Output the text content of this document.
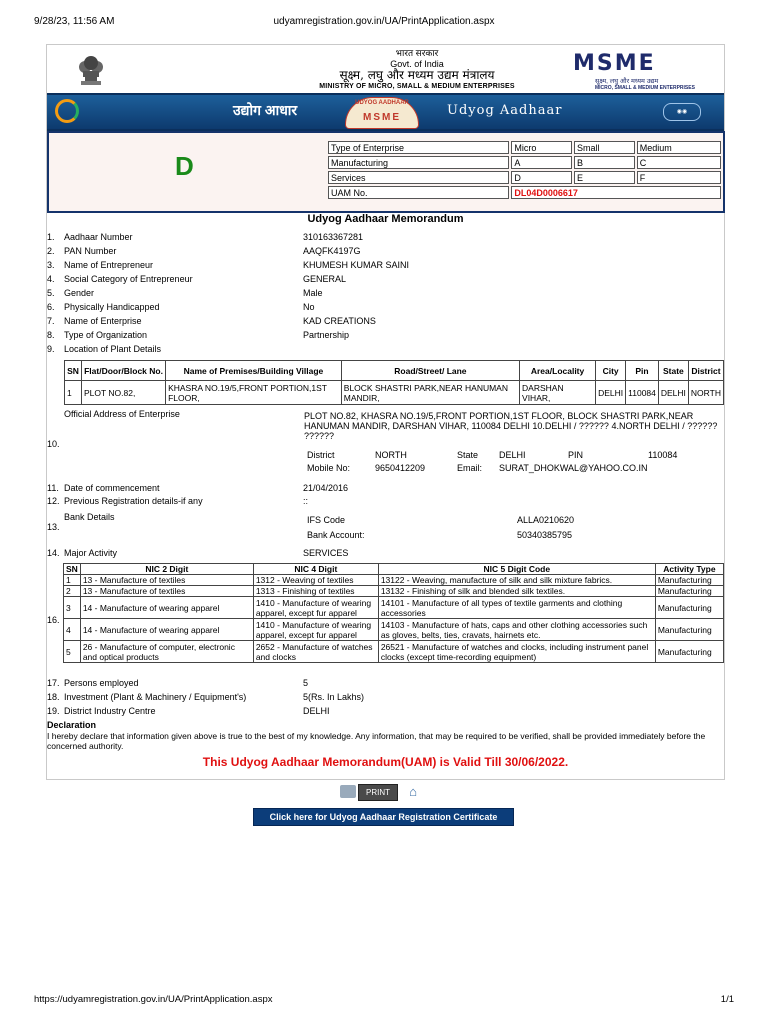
9/28/23, 11:56 AM	udyamregistration.gov.in/UA/PrintApplication.aspx
भारत सरकार
Govt. of India
सूक्ष्म, लघु और मध्यम उद्यम मंत्रालय
MINISTRY OF MICRO, SMALL & MEDIUM ENTERPRISES
MSME
सूक्ष्म, लघु और मध्यम उद्यम
MICRO, SMALL & MEDIUM ENTERPRISES
उद्योग आधार	UDYOG AADHAAR
MSME	Udyog Aadhaar	◉◉
D
Type of Enterprise	Micro	Small	Medium
Manufacturing	A	B	C
Services	D	E	F
UAM No.	DL04D0006617		
Udyog Aadhaar Memorandum
1. Aadhaar Number	310163367281
2. PAN Number	AAQFK4197G
3. Name of Entrepreneur	KHUMESH KUMAR SAINI
4. Social Category of Entrepreneur	GENERAL
5. Gender	Male
6. Physically Handicapped	No
7. Name of Enterprise	KAD CREATIONS
8. Type of Organization	Partnership
9. Location of Plant Details
SN	Flat/Door/Block No.	Name of Premises/Building Village	Road/Street/ Lane	Area/Locality	City	Pin	State	District
1	PLOT NO.82,	KHASRA NO.19/5,FRONT PORTION,1ST FLOOR,	BLOCK SHASTRI PARK,NEAR HANUMAN MANDIR,	DARSHAN VIHAR,	DELHI	110084	DELHI	NORTH
Official Address of Enterprise
10.
PLOT NO.82, KHASRA NO.19/5,FRONT PORTION,1ST FLOOR, BLOCK SHASTRI PARK,NEAR HANUMAN MANDIR, DARSHAN VIHAR, 110084 DELHI 10.DELHI / ?????? 4.NORTH DELHI / ?????? ??????
District	NORTH	State DELHI	PIN	110084
Mobile No:	9650412209	Email: SURAT_DHOKWAL@YAHOO.CO.IN
11. Date of commencement	21/04/2016
12. Previous Registration details-if any	::
Bank Details
13.
IFS Code	ALLA0210620
Bank Account:	50340385795
14. Major Activity	SERVICES
16.
SN	NIC 2 Digit	NIC 4 Digit	NIC 5 Digit Code	Activity Type
1	13 - Manufacture of textiles	1312 - Weaving of textiles	13122 - Weaving, manufacture of silk and silk mixture fabrics.	Manufacturing
2	13 - Manufacture of textiles	1313 - Finishing of textiles	13132 - Finishing of silk and blended silk textiles.	Manufacturing
3	14 - Manufacture of wearing apparel	1410 - Manufacture of wearing apparel, except fur apparel	14101 - Manufacture of all types of textile garments and clothing accessories	Manufacturing
4	14 - Manufacture of wearing apparel	1410 - Manufacture of wearing apparel, except fur apparel	14103 - Manufacture of hats, caps and other clothing accessories such as gloves, belts, ties, cravats, hairnets etc.	Manufacturing
5	26 - Manufacture of computer, electronic and optical products	2652 - Manufacture of watches and clocks	26521 - Manufacture of watches and clocks, including instrument panel clocks (except time-recording equipment)	Manufacturing
17. Persons employed	5
18. Investment (Plant & Machinery / Equipment's)	5(Rs. In Lakhs)
19. District Industry Centre	DELHI
Declaration
I hereby declare that information given above is true to the best of my knowledge. Any information, that may be required to be verified, shall be provided immediately before the concerned authority.
This Udyog Aadhaar Memorandum(UAM) is Valid Till 30/06/2022.
PRINT	⌂
Click here for Udyog Aadhaar Registration Certificate
https://udyamregistration.gov.in/UA/PrintApplication.aspx	1/1
